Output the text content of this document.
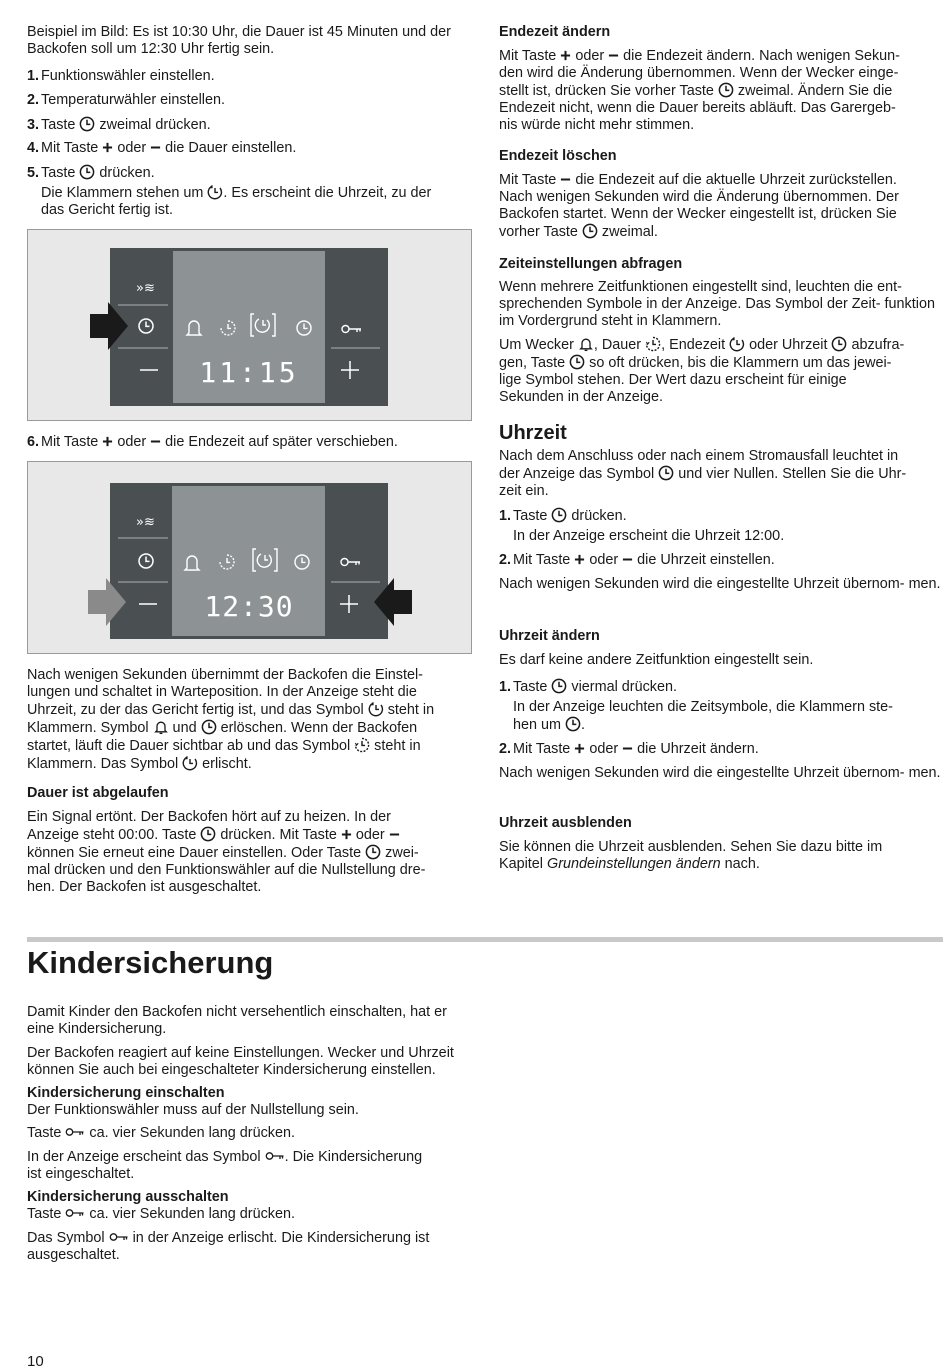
Beispiel im Bild: Es ist 10:30 Uhr, die Dauer ist 45 Minuten und der Backofen soll um 12:30 Uhr fertig sein.

1. Funktionswähler einstellen.
2. Temperaturwähler einstellen.
3. Taste  zweimal drücken.
4. Mit Taste  oder  die Dauer einstellen.
5. Taste  drücken.
Die Klammern stehen um . Es erscheint die Uhrzeit, zu der
das Gericht fertig ist.
»≋
11:15
6. Mit Taste  oder  die Endezeit auf später verschieben.
»≋
12:30

Nach wenigen Sekunden übernimmt der Backofen die Einstel-

lungen und schaltet in Warteposition. In der Anzeige steht die

Uhrzeit, zu der das Gericht fertig ist, und das Symbol  steht in

Klammern. Symbol  und  erlöschen. Wenn der Backofen

startet, läuft die Dauer sichtbar ab und das Symbol  steht in

Klammern. Das Symbol  erlischt.

Dauer ist abgelaufen

Ein Signal ertönt. Der Backofen hört auf zu heizen. In der

Anzeige steht 00:00. Taste  drücken. Mit Taste  oder

können Sie erneut eine Dauer einstellen. Oder Taste  zwei-

mal drücken und den Funktionswähler auf die Nullstellung dre-

hen. Der Backofen ist ausgeschaltet.

Endezeit ändern

Mit Taste  oder  die Endezeit ändern. Nach wenigen Sekun-

den wird die Änderung übernommen. Wenn der Wecker einge-

stellt ist, drücken Sie vorher Taste  zweimal. Ändern Sie die

Endezeit nicht, wenn die Dauer bereits abläuft. Das Garergeb-

nis würde nicht mehr stimmen.

Endezeit löschen

Mit Taste  die Endezeit auf die aktuelle Uhrzeit zurückstellen.

Nach wenigen Sekunden wird die Änderung übernommen. Der

Backofen startet. Wenn der Wecker eingestellt ist, drücken Sie

vorher Taste  zweimal.

Zeiteinstellungen abfragen

Wenn mehrere Zeitfunktionen eingestellt sind, leuchten die ent- sprechenden Symbole in der Anzeige. Das Symbol der Zeit- funktion im Vordergrund steht in Klammern.

Um Wecker , Dauer , Endezeit  oder Uhrzeit  abzufra-

gen, Taste  so oft drücken, bis die Klammern um das jewei-

lige Symbol stehen. Der Wert dazu erscheint für einige

Sekunden in der Anzeige.

Uhrzeit

Nach dem Anschluss oder nach einem Stromausfall leuchtet in

der Anzeige das Symbol  und vier Nullen. Stellen Sie die Uhr-

zeit ein.

1. Taste  drücken.

In der Anzeige erscheint die Uhrzeit 12:00.

2. Mit Taste  oder  die Uhrzeit einstellen.

Nach wenigen Sekunden wird die eingestellte Uhrzeit übernom- men.

Uhrzeit ändern

Es darf keine andere Zeitfunktion eingestellt sein.

1. Taste  viermal drücken.

In der Anzeige leuchten die Zeitsymbole, die Klammern ste-

hen um .

2. Mit Taste  oder  die Uhrzeit ändern.

Nach wenigen Sekunden wird die eingestellte Uhrzeit übernom- men.

Uhrzeit ausblenden

Sie können die Uhrzeit ausblenden. Sehen Sie dazu bitte im

Kapitel Grundeinstellungen ändern nach.

Kindersicherung

Damit Kinder den Backofen nicht versehentlich einschalten, hat er eine Kindersicherung.

Der Backofen reagiert auf keine Einstellungen. Wecker und Uhrzeit können Sie auch bei eingeschalteter Kindersicherung einstellen.

Kindersicherung einschalten

Der Funktionswähler muss auf der Nullstellung sein.

Taste  ca. vier Sekunden lang drücken.

In der Anzeige erscheint das Symbol . Die Kindersicherung

ist eingeschaltet.

Kindersicherung ausschalten

Taste  ca. vier Sekunden lang drücken.

Das Symbol  in der Anzeige erlischt. Die Kindersicherung ist

ausgeschaltet.

10
